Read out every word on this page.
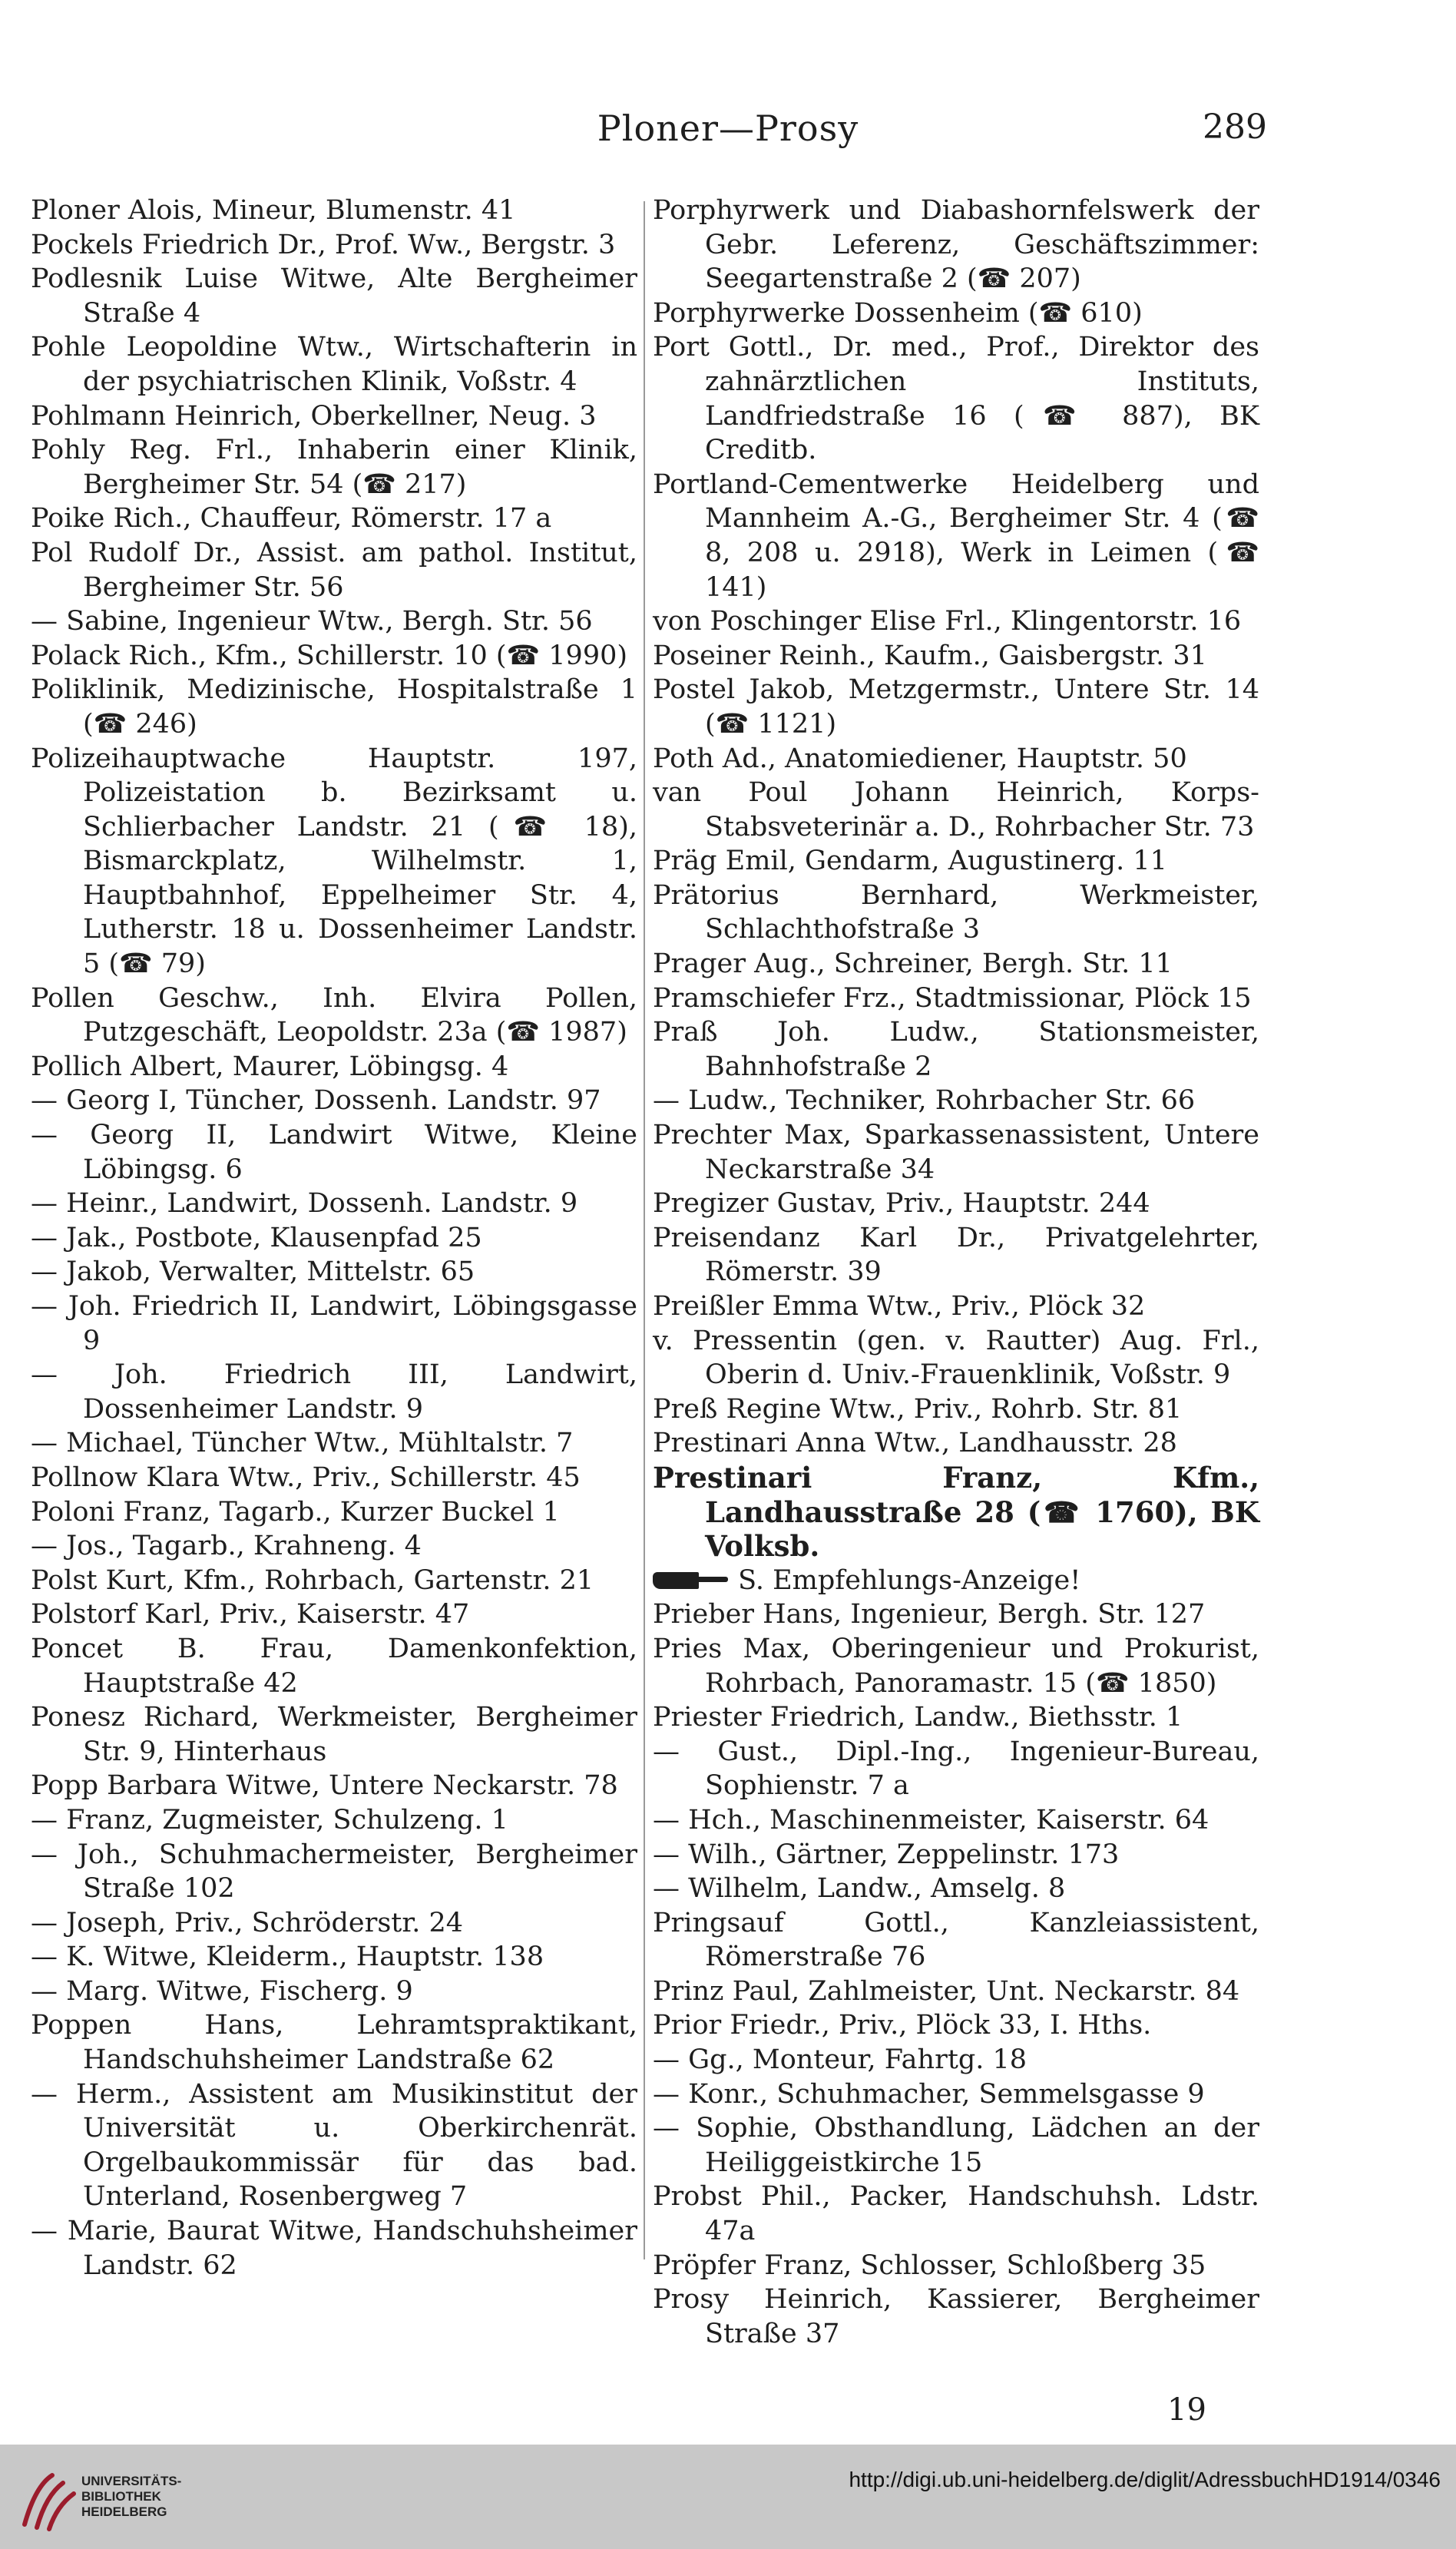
Ploner—Prosy	289

Ploner Alois, Mineur, Blumenstr. 41

Pockels Friedrich Dr., Prof. Ww., Bergstr. 3

Podlesnik Luise Witwe, Alte Bergheimer Straße 4

Pohle Leopoldine Wtw., Wirtschafterin in der psychiatrischen Klinik, Voßstr. 4

Pohlmann Heinrich, Oberkellner, Neug. 3

Pohly Reg. Frl., Inhaberin einer Klinik, Bergheimer Str. 54 (☎ 217)

Poike Rich., Chauffeur, Römerstr. 17 a

Pol Rudolf Dr., Assist. am pathol. Institut, Bergheimer Str. 56

— Sabine, Ingenieur Wtw., Bergh. Str. 56

Polack Rich., Kfm., Schillerstr. 10 (☎ 1990)

Poliklinik, Medizinische, Hospitalstraße 1 (☎ 246)

Polizeihauptwache Hauptstr. 197, Polizeistation b. Bezirksamt u. Schlierbacher Landstr. 21 (☎ 18), Bismarckplatz, Wilhelmstr. 1, Hauptbahnhof, Eppelheimer Str. 4, Lutherstr. 18 u. Dossenheimer Landstr. 5 (☎ 79)

Pollen Geschw., Inh. Elvira Pollen, Putzgeschäft, Leopoldstr. 23a (☎ 1987)

Pollich Albert, Maurer, Löbingsg. 4

— Georg I, Tüncher, Dossenh. Landstr. 97

— Georg II, Landwirt Witwe, Kleine Löbingsg. 6

— Heinr., Landwirt, Dossenh. Landstr. 9

— Jak., Postbote, Klausenpfad 25

— Jakob, Verwalter, Mittelstr. 65

— Joh. Friedrich II, Landwirt, Löbingsgasse 9

— Joh. Friedrich III, Landwirt, Dossenheimer Landstr. 9

— Michael, Tüncher Wtw., Mühltalstr. 7

Pollnow Klara Wtw., Priv., Schillerstr. 45

Poloni Franz, Tagarb., Kurzer Buckel 1

— Jos., Tagarb., Krahneng. 4

Polst Kurt, Kfm., Rohrbach, Gartenstr. 21

Polstorf Karl, Priv., Kaiserstr. 47

Poncet B. Frau, Damenkonfektion, Hauptstraße 42

Ponesz Richard, Werkmeister, Bergheimer Str. 9, Hinterhaus

Popp Barbara Witwe, Untere Neckarstr. 78

— Franz, Zugmeister, Schulzeng. 1

— Joh., Schuhmachermeister, Bergheimer Straße 102

— Joseph, Priv., Schröderstr. 24

— K. Witwe, Kleiderm., Hauptstr. 138

— Marg. Witwe, Fischerg. 9

Poppen Hans, Lehramtspraktikant, Handschuhsheimer Landstraße 62

— Herm., Assistent am Musikinstitut der Universität u. Oberkirchenrät. Orgelbaukommissär für das bad. Unterland, Rosenbergweg 7

— Marie, Baurat Witwe, Handschuhsheimer Landstr. 62

Porphyrwerk und Diabashornfelswerk der Gebr. Leferenz, Geschäftszimmer: Seegartenstraße 2 (☎ 207)

Porphyrwerke Dossenheim (☎ 610)

Port Gottl., Dr. med., Prof., Direktor des zahnärztlichen Instituts, Landfriedstraße 16 (☎ 887), BK Creditb.

Portland-Cementwerke Heidelberg und Mannheim A.-G., Bergheimer Str. 4 (☎ 8, 208 u. 2918), Werk in Leimen (☎ 141)

von Poschinger Elise Frl., Klingentorstr. 16

Poseiner Reinh., Kaufm., Gaisbergstr. 31

Postel Jakob, Metzgermstr., Untere Str. 14 (☎ 1121)

Poth Ad., Anatomiediener, Hauptstr. 50

van Poul Johann Heinrich, Korps-Stabsveterinär a. D., Rohrbacher Str. 73

Präg Emil, Gendarm, Augustinerg. 11

Prätorius Bernhard, Werkmeister, Schlachthofstraße 3

Prager Aug., Schreiner, Bergh. Str. 11

Pramschiefer Frz., Stadtmissionar, Plöck 15

Praß Joh. Ludw., Stationsmeister, Bahnhofstraße 2

— Ludw., Techniker, Rohrbacher Str. 66

Prechter Max, Sparkassenassistent, Untere Neckarstraße 34

Pregizer Gustav, Priv., Hauptstr. 244

Preisendanz Karl Dr., Privatgelehrter, Römerstr. 39

Preißler Emma Wtw., Priv., Plöck 32

v. Pressentin (gen. v. Rautter) Aug. Frl., Oberin d. Univ.-Frauenklinik, Voßstr. 9

Preß Regine Wtw., Priv., Rohrb. Str. 81

Prestinari Anna Wtw., Landhausstr. 28

Prestinari Franz, Kfm., Landhausstraße 28 (☎ 1760), BK Volksb.

S. Empfehlungs-Anzeige!

Prieber Hans, Ingenieur, Bergh. Str. 127

Pries Max, Oberingenieur und Prokurist, Rohrbach, Panoramastr. 15 (☎ 1850)

Priester Friedrich, Landw., Biethsstr. 1

— Gust., Dipl.-Ing., Ingenieur-Bureau, Sophienstr. 7 a

— Hch., Maschinenmeister, Kaiserstr. 64

— Wilh., Gärtner, Zeppelinstr. 173

— Wilhelm, Landw., Amselg. 8

Pringsauf Gottl., Kanzleiassistent, Römerstraße 76

Prinz Paul, Zahlmeister, Unt. Neckarstr. 84

Prior Friedr., Priv., Plöck 33, I. Hths.

— Gg., Monteur, Fahrtg. 18

— Konr., Schuhmacher, Semmelsgasse 9

— Sophie, Obsthandlung, Lädchen an der Heiliggeistkirche 15

Probst Phil., Packer, Handschuhsh. Ldstr. 47a

Pröpfer Franz, Schlosser, Schloßberg 35

Prosy Heinrich, Kassierer, Bergheimer Straße 37

19
UNIVERSITÄTS-
BIBLIOTHEK
HEIDELBERG
http://digi.ub.uni-heidelberg.de/diglit/AdressbuchHD1914/0346
